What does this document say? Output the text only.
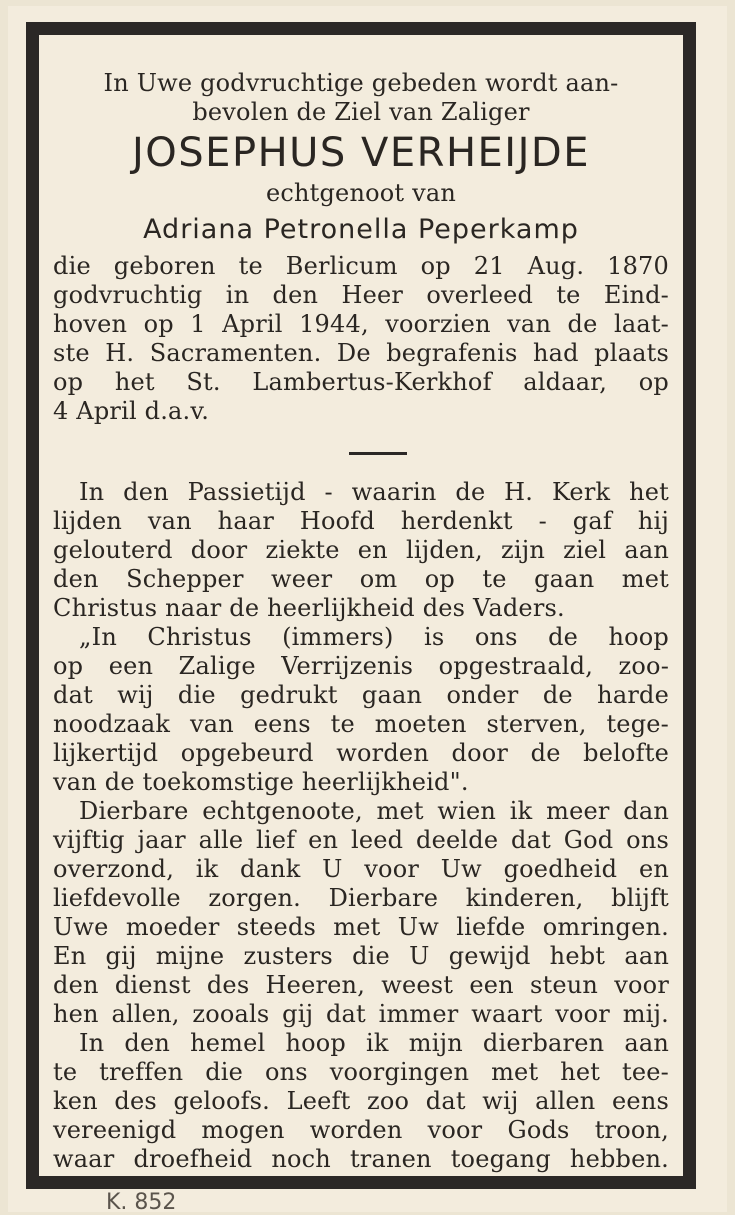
In Uwe godvruchtige gebeden wordt aan-
bevolen de Ziel van Zaliger
JOSEPHUS VERHEIJDE
echtgenoot van
Adriana Petronella Peperkamp
die geboren te Berlicum op 21 Aug. 1870
godvruchtig in den Heer overleed te Eind-
hoven op 1 April 1944, voorzien van de laat-
ste H. Sacramenten. De begrafenis had plaats
op het St. Lambertus-Kerkhof aldaar, op
4 April d.a.v.
In den Passietijd - waarin de H. Kerk het
lijden van haar Hoofd herdenkt - gaf hij
gelouterd door ziekte en lijden, zijn ziel aan
den Schepper weer om op te gaan met
Christus naar de heerlijkheid des Vaders.
„In Christus (immers) is ons de hoop
op een Zalige Verrijzenis opgestraald, zoo-
dat wij die gedrukt gaan onder de harde
noodzaak van eens te moeten sterven, tege-
lijkertijd opgebeurd worden door de belofte
van de toekomstige heerlijkheid".
Dierbare echtgenoote, met wien ik meer dan
vijftig jaar alle lief en leed deelde dat God ons
overzond, ik dank U voor Uw goedheid en
liefdevolle zorgen. Dierbare kinderen, blijft
Uwe moeder steeds met Uw liefde omringen.
En gij mijne zusters die U gewijd hebt aan
den dienst des Heeren, weest een steun voor
hen allen, zooals gij dat immer waart voor mij.
In den hemel hoop ik mijn dierbaren aan
te treffen die ons voorgingen met het tee-
ken des geloofs. Leeft zoo dat wij allen eens
vereenigd mogen worden voor Gods troon,
waar droefheid noch tranen toegang hebben.
K. 852
